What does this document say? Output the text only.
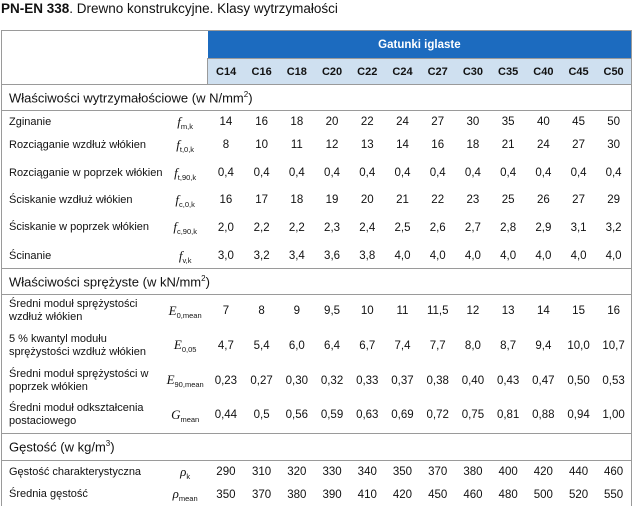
PN-EN 338. Drewno konstrukcyjne. Klasy wytrzymałości
		Gatunki iglaste											
		C14	C16	C18	C20	C22	C24	C27	C30	C35	C40	C45	C50
Właściwości wytrzymałościowe (w $N/mm^2$)													
Zginanie	$f_{m,k}$	14	16	18	20	22	24	27	30	35	40	45	50
Rozciąganie wzdłuż włókien	$f_{t,0,k}$	8	10	11	12	13	14	16	18	21	24	27	30
Rozciąganie w poprzek włókien	$f_{t,90,k}$	0,4	0,4	0,4	0,4	0,4	0,4	0,4	0,4	0,4	0,4	0,4	0,4
Ściskanie wzdłuż włókien	$f_{c,0,k}$	16	17	18	19	20	21	22	23	25	26	27	29
Ściskanie w poprzek włókien	$f_{c,90,k}$	2,0	2,2	2,2	2,3	2,4	2,5	2,6	2,7	2,8	2,9	3,1	3,2
Ścinanie	$f_{v,k}$	3,0	3,2	3,4	3,6	3,8	4,0	4,0	4,0	4,0	4,0	4,0	4,0
Właściwości sprężyste (w $kN/mm^2$)													
Średni moduł sprężystości wzdłuż włókien	$E_{0,mean}$	7	8	9	9,5	10	11	11,5	12	13	14	15	16
5 % kwantyl modułu sprężystości wzdłuż włókien	$E_{0,05}$	4,7	5,4	6,0	6,4	6,7	7,4	7,7	8,0	8,7	9,4	10,0	10,7
Średni moduł sprężystości w poprzek włókien	$E_{90,mean}$	0,23	0,27	0,30	0,32	0,33	0,37	0,38	0,40	0,43	0,47	0,50	0,53
Średni moduł odkształcenia postaciowego	$G_{mean}$	0,44	0,5	0,56	0,59	0,63	0,69	0,72	0,75	0,81	0,88	0,94	1,00
Gęstość (w $kg/m^3$)													
Gęstość charakterystyczna	$\rho_k$	290	310	320	330	340	350	370	380	400	420	440	460
Średnia gęstość	$\rho_{mean}$	350	370	380	390	410	420	450	460	480	500	520	550
